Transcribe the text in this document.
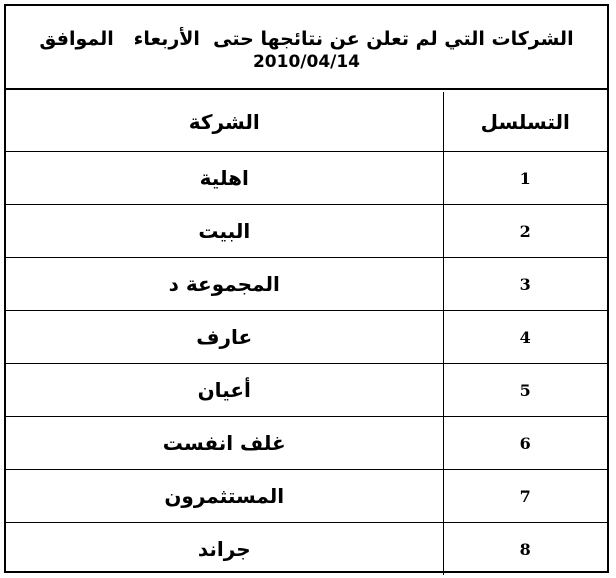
الشركات التي لم تعلن عن نتائجها حتى  الأربعاء   الموافق
2010/04/14
التسلسل	الشركة
1	اهلية
2	البيت
3	المجموعة د
4	عارف
5	أعيان
6	غلف انفست
7	المستثمرون
8	جراند
